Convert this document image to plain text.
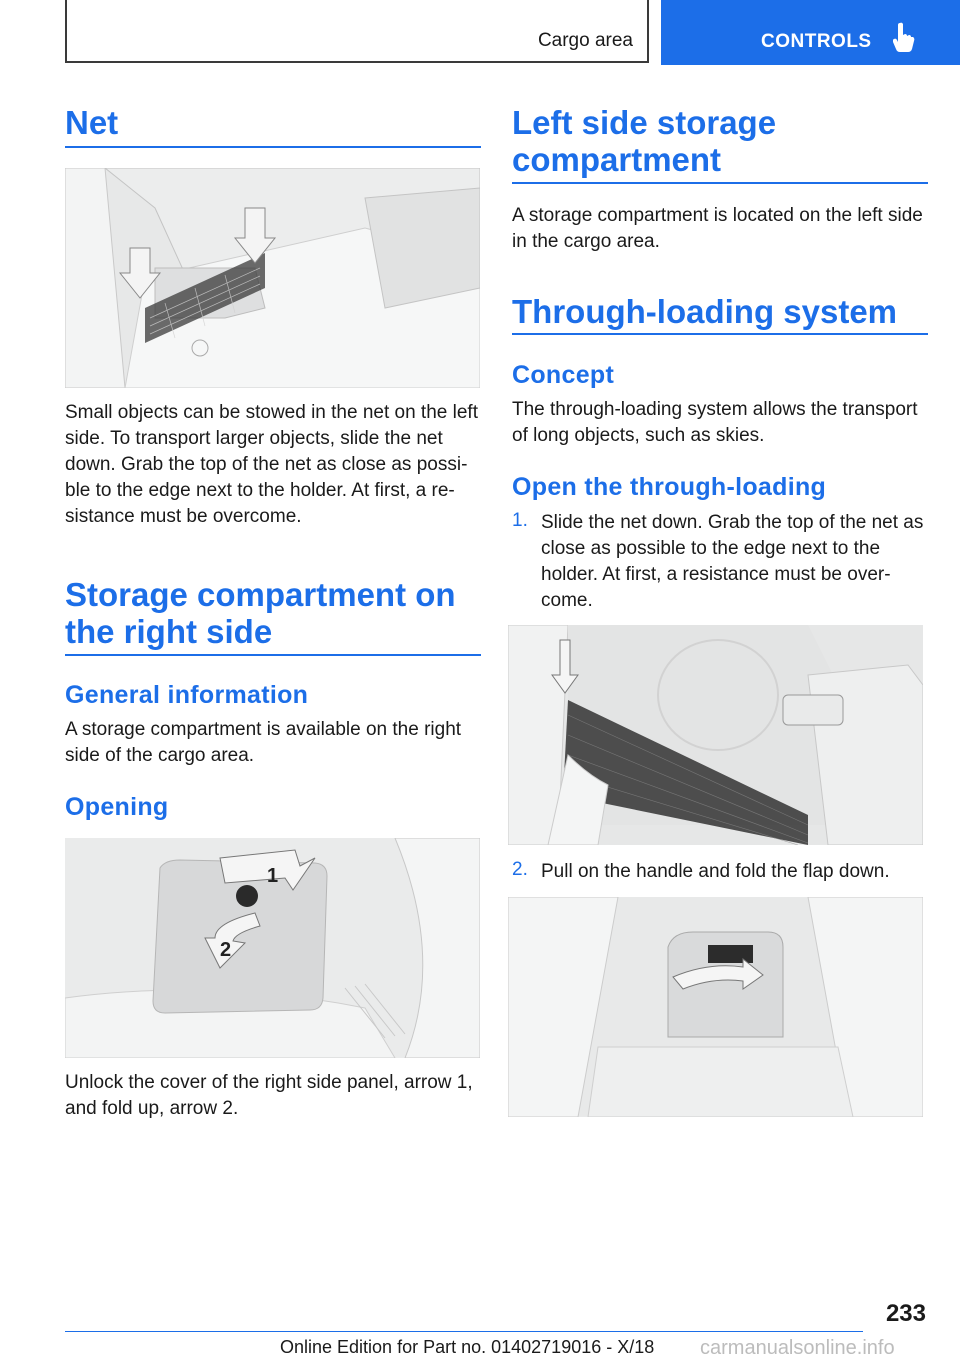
Cargo area	CONTROLS
Net

Small objects can be stowed in the net on the left side. To transport larger objects, slide the net down. Grab the top of the net as close as possi-ble to the edge next to the holder. At first, a re-sistance must be overcome.

Storage compartment on
the right side
General information

A storage compartment is available on the right side of the cargo area.

Opening
1
2

Unlock the cover of the right side panel, arrow 1, and fold up, arrow 2.

Left side storage
compartment

A storage compartment is located on the left side in the cargo area.

Through-loading system
Concept

The through-loading system allows the transport of long objects, such as skies.

Open the through-loading
1. Slide the net down. Grab the top of the net as close as possible to the edge next to the holder. At first, a resistance must be over-come.
2. Pull on the handle and fold the flap down.
233
Online Edition for Part no. 01402719016 - X/18 carmanualsonline.info
